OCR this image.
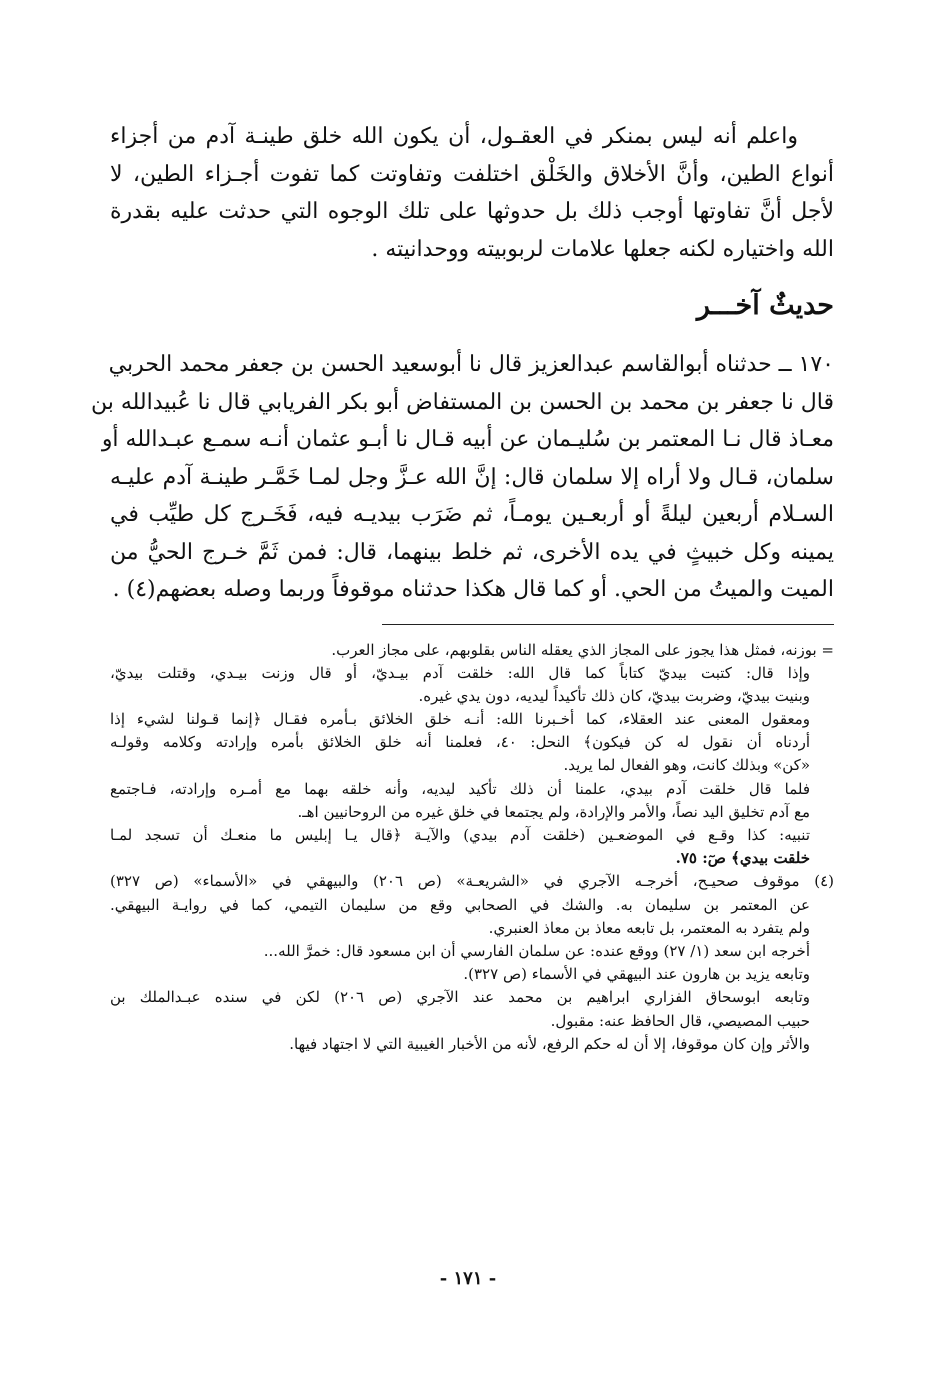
واعلم أنه ليس بمنكر في العقـول، أن يكون الله خلق طينـة آدم من أجزاء
أنواع الطين، وأنَّ الأخلاق والخَلْق اختلفت وتفاوتت كما تفوت أجـزاء الطين، لا
لأجل أنَّ تفاوتها أوجب ذلك بل حدوثها على تلك الوجوه التي حدثت عليه بقدرة
الله واختياره لكنه جعلها علامات لربوبيته ووحدانيته .
حديثٌ آخـــر
١٧٠ ــ حدثناه أبوالقاسم عبدالعزيز قال نا أبوسعيد الحسن بن جعفر محمد الحربي
قال نا جعفر بن محمد بن الحسن بن المستفاض أبو بكر الفريابي قال نا عُبيدالله بن
معـاذ قال نـا المعتمر بن سُليـمان عن أبيه قـال نا أبـو عثمان أنـه سمـع عبـدالله أو
سلمان، قـال ولا أراه إلا سلمان قال: إنَّ الله عـزَّ وجل لمـا خَمَّـر طينـة آدم عليـه
السـلام أربعين ليلةً أو أربعـين يومـاً، ثم ضَرَب بيديـه فيه، فَخَـرج كل طيِّب في
يمينه وكل خبيثٍ في يده الأخرى، ثم خلط بينهما، قال: فمن ثَمَّ خـرج الحيُّ من
الميت والميتُ من الحي. أو كما قال هكذا حدثناه موقوفاً وربما وصله بعضهم(٤) .
= بوزنه، فمثل هذا يجوز على المجاز الذي يعقله الناس بقلوبهم، على مجاز العرب.
وإذا قال: كتبت بيديّ كتاباً كما قال الله: خلقت آدم بيـديّ، أو قال وزنت بيـدي، وقتلت بيديّ،
وبنيت بيديّ، وضربت بيديّ، كان ذلك تأكيداً ليديه، دون يدي غيره.
ومعقول المعنى عند العقلاء، كما أخـبرنا الله: أنـه خلق الخلائق بـأمره فقـال ﴿إنما قـولنا لشيء إذا
أردناه أن نقول له كن فيكون﴾ النحل: ٤٠، فعلمنا أنه خلق الخلائق بأمره وإرادته وكلامه وقولـه
«كن» وبذلك كانت، وهو الفعال لما يريد.
فلما قال خلقت آدم بيدي، علمنا أن ذلك تأكيد ليديه، وأنه خلقه بهما مع أمـره وإرادته، فـاجتمع
مع آدم تخليق اليد نصاً، والأمر والإرادة، ولم يجتمعا في خلق غيره من الروحانيين اهـ.
تنبيه: كذا وقـع في الموضعـين (خلقت آدم بيدي) والآيـة ﴿قال يـا إبليس ما منعـك أن تسجد لمـا
خلقت بيدي﴾ صٓ: ٧٥.
(٤) موقوف صحيـح، أخرجـه الآجري في «الشريعـة» (ص ٢٠٦) والبيهقي في «الأسماء» (ص ٣٢٧)
عن المعتمر بن سليمان به. والشك في الصحابي وقع من سليمان التيمي، كما في روايـة البيهقي.
ولم يتفرد به المعتمر، بل تابعه معاذ بن معاذ العنبري.
أخرجه ابن سعد (١/ ٢٧) ووقع عنده: عن سلمان الفارسي أن ابن مسعود قال: خمرَّ الله...
وتابعه يزيد بن هارون عند البيهقي في الأسماء (ص ٣٢٧).
وتابعه ابوسحاق الفزاري ابراهيم بن محمد عند الآجري (ص ٢٠٦) لكن في سنده عبـدالملك بن
حبيب المصيصي، قال الحافظ عنه: مقبول.
والأثر وإن كان موقوفا، إلا أن له حكم الرفع، لأنه من الأخبار الغيبية التي لا اجتهاد فيها.
- ١٧١ -
